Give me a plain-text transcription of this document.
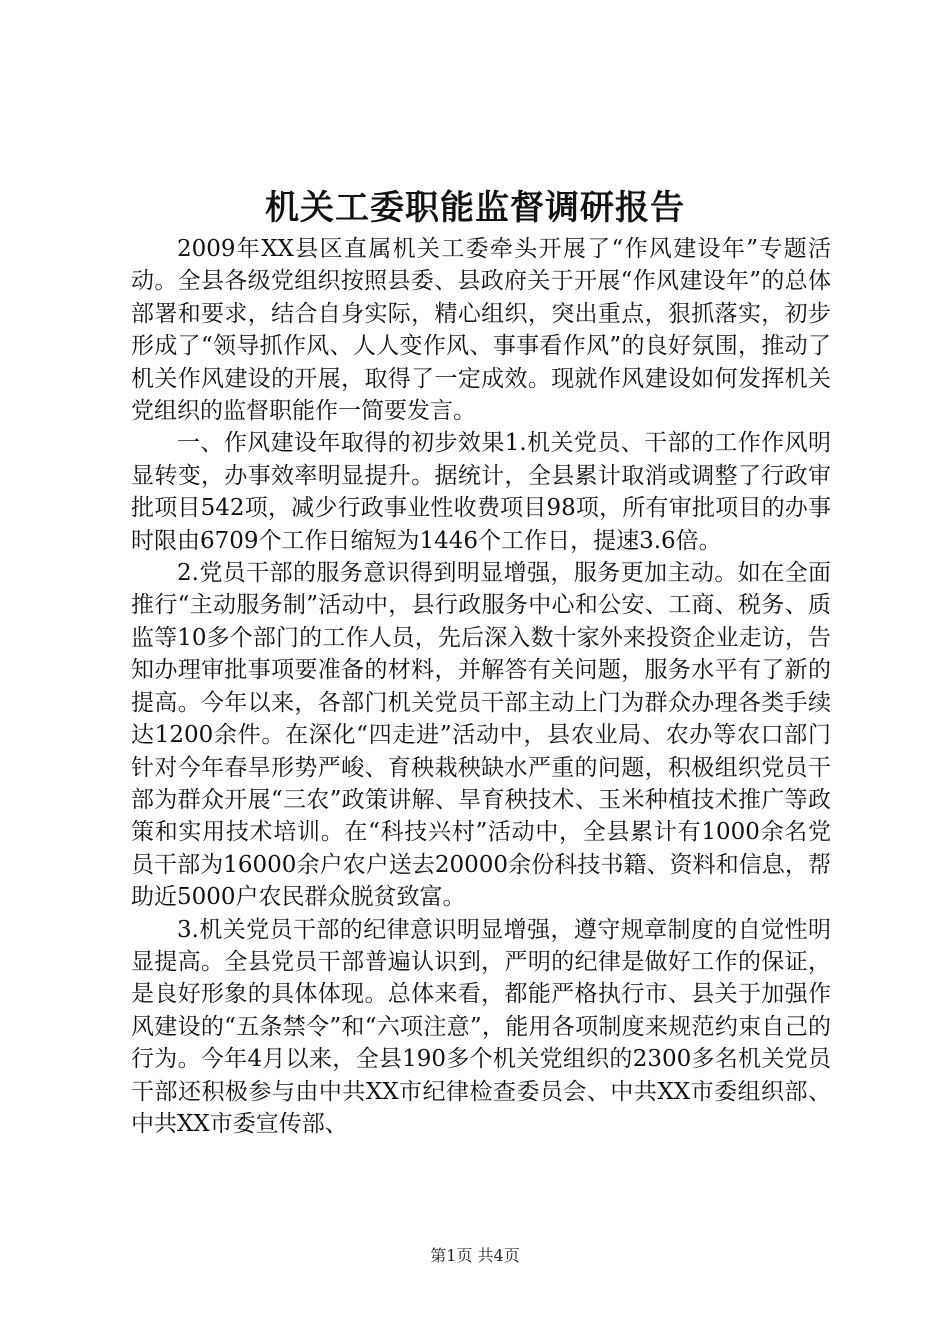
机关工委职能监督调研报告

2009年XX县区直属机关工委牵头开展了“作风建设年”专题活动。全县各级党组织按照县委、县政府关于开展“作风建设年”的总体部署和要求，结合自身实际，精心组织，突出重点，狠抓落实，初步形成了“领导抓作风、人人变作风、事事看作风”的良好氛围，推动了机关作风建设的开展，取得了一定成效。现就作风建设如何发挥机关党组织的监督职能作一简要发言。

一、作风建设年取得的初步效果1.机关党员、干部的工作作风明显转变，办事效率明显提升。据统计，全县累计取消或调整了行政审批项目542项，减少行政事业性收费项目98项，所有审批项目的办事时限由6709个工作日缩短为1446个工作日，提速3.6倍。

2.党员干部的服务意识得到明显增强，服务更加主动。如在全面推行“主动服务制”活动中，县行政服务中心和公安、工商、税务、质监等10多个部门的工作人员，先后深入数十家外来投资企业走访，告知办理审批事项要准备的材料，并解答有关问题，服务水平有了新的提高。今年以来，各部门机关党员干部主动上门为群众办理各类手续达1200余件。在深化“四走进”活动中，县农业局、农办等农口部门针对今年春旱形势严峻、育秧栽秧缺水严重的问题，积极组织党员干部为群众开展“三农”政策讲解、旱育秧技术、玉米种植技术推广等政策和实用技术培训。在“科技兴村”活动中，全县累计有1000余名党员干部为16000余户农户送去20000余份科技书籍、资料和信息，帮助近5000户农民群众脱贫致富。

3.机关党员干部的纪律意识明显增强，遵守规章制度的自觉性明显提高。全县党员干部普遍认识到，严明的纪律是做好工作的保证，是良好形象的具体体现。总体来看，都能严格执行市、县关于加强作风建设的“五条禁令”和“六项注意”，能用各项制度来规范约束自己的行为。今年4月以来，全县190多个机关党组织的2300多名机关党员干部还积极参与由中共XX市纪律检查委员会、中共XX市委组织部、中共XX市委宣传部、

第1页 共4页
